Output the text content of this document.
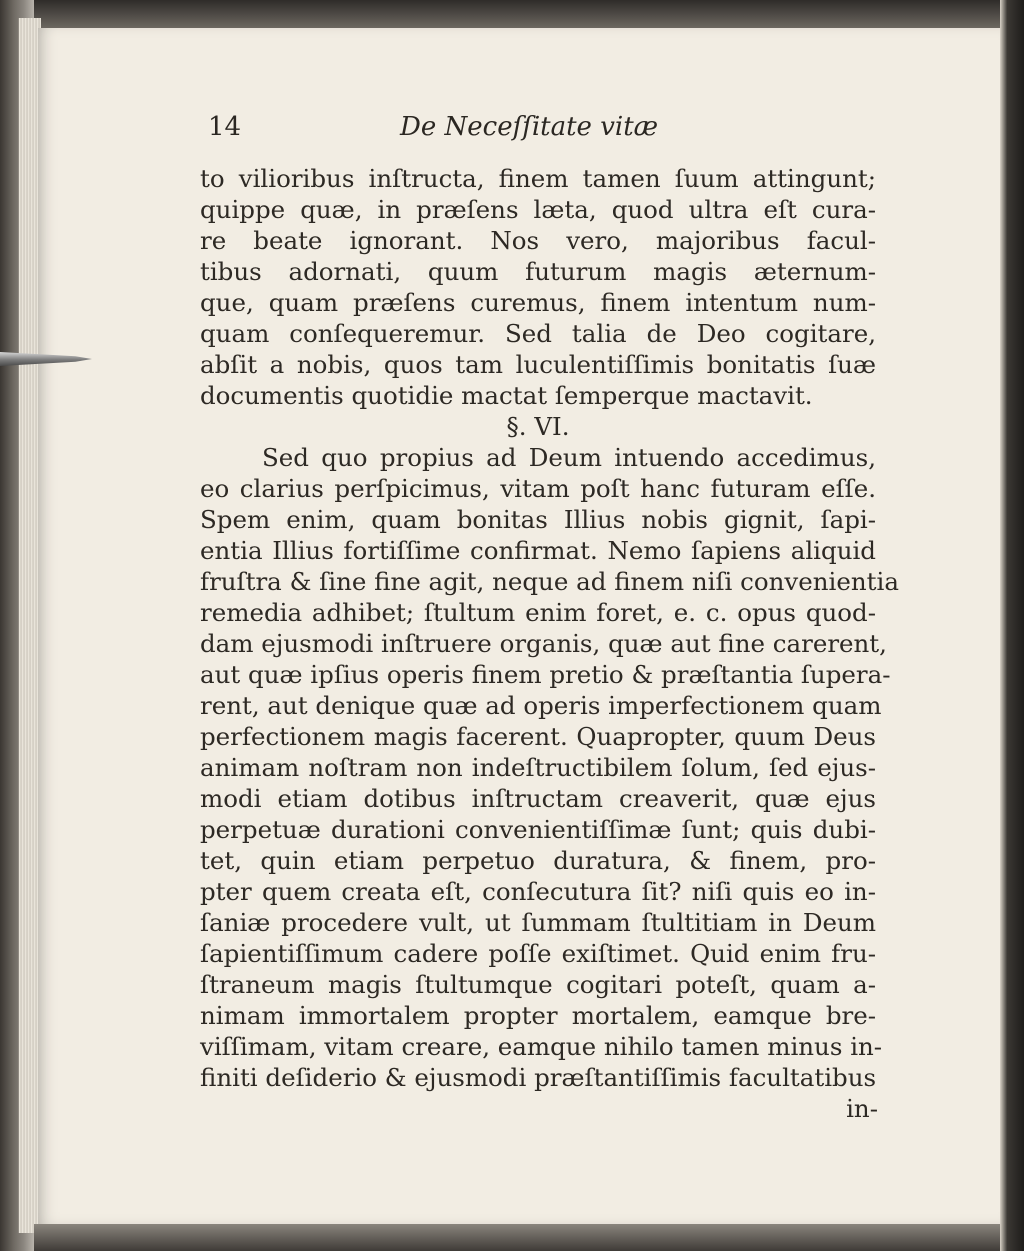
14	De Neceſſitate vitæ
to vilioribus inſtructa, finem tamen ſuum attingunt;
quippe quæ, in præſens læta, quod ultra eſt cura-
re beate ignorant. Nos vero, majoribus facul-
tibus adornati, quum futurum magis æternum-
que, quam præſens curemus, finem intentum num-
quam conſequeremur. Sed talia de Deo cogitare,
abſit a nobis, quos tam luculentiſſimis bonitatis ſuæ
documentis quotidie mactat ſemperque mactavit.
§. VI.
Sed quo propius ad Deum intuendo accedimus,
eo clarius perſpicimus, vitam poſt hanc futuram eſſe.
Spem enim, quam bonitas Illius nobis gignit, ſapi-
entia Illius fortiſſime confirmat. Nemo ſapiens aliquid
fruſtra & ſine fine agit, neque ad finem niſi convenientia
remedia adhibet; ſtultum enim foret, e. c. opus quod-
dam ejusmodi inſtruere organis, quæ aut fine carerent,
aut quæ ipſius operis finem pretio & præſtantia ſupera-
rent, aut denique quæ ad operis imperfectionem quam
perfectionem magis facerent. Quapropter, quum Deus
animam noſtram non indeſtructibilem ſolum, ſed ejus-
modi etiam dotibus inſtructam creaverit, quæ ejus
perpetuæ durationi convenientiſſimæ ſunt; quis dubi-
tet, quin etiam perpetuo duratura, & finem, pro-
pter quem creata eſt, conſecutura ſit? niſi quis eo in-
ſaniæ procedere vult, ut ſummam ſtultitiam in Deum
ſapientiſſimum cadere poſſe exiſtimet. Quid enim fru-
ſtraneum magis ſtultumque cogitari poteſt, quam a-
nimam immortalem propter mortalem, eamque bre-
viſſimam, vitam creare, eamque nihilo tamen minus in-
finiti deſiderio & ejusmodi præſtantiſſimis facultatibus
in-
